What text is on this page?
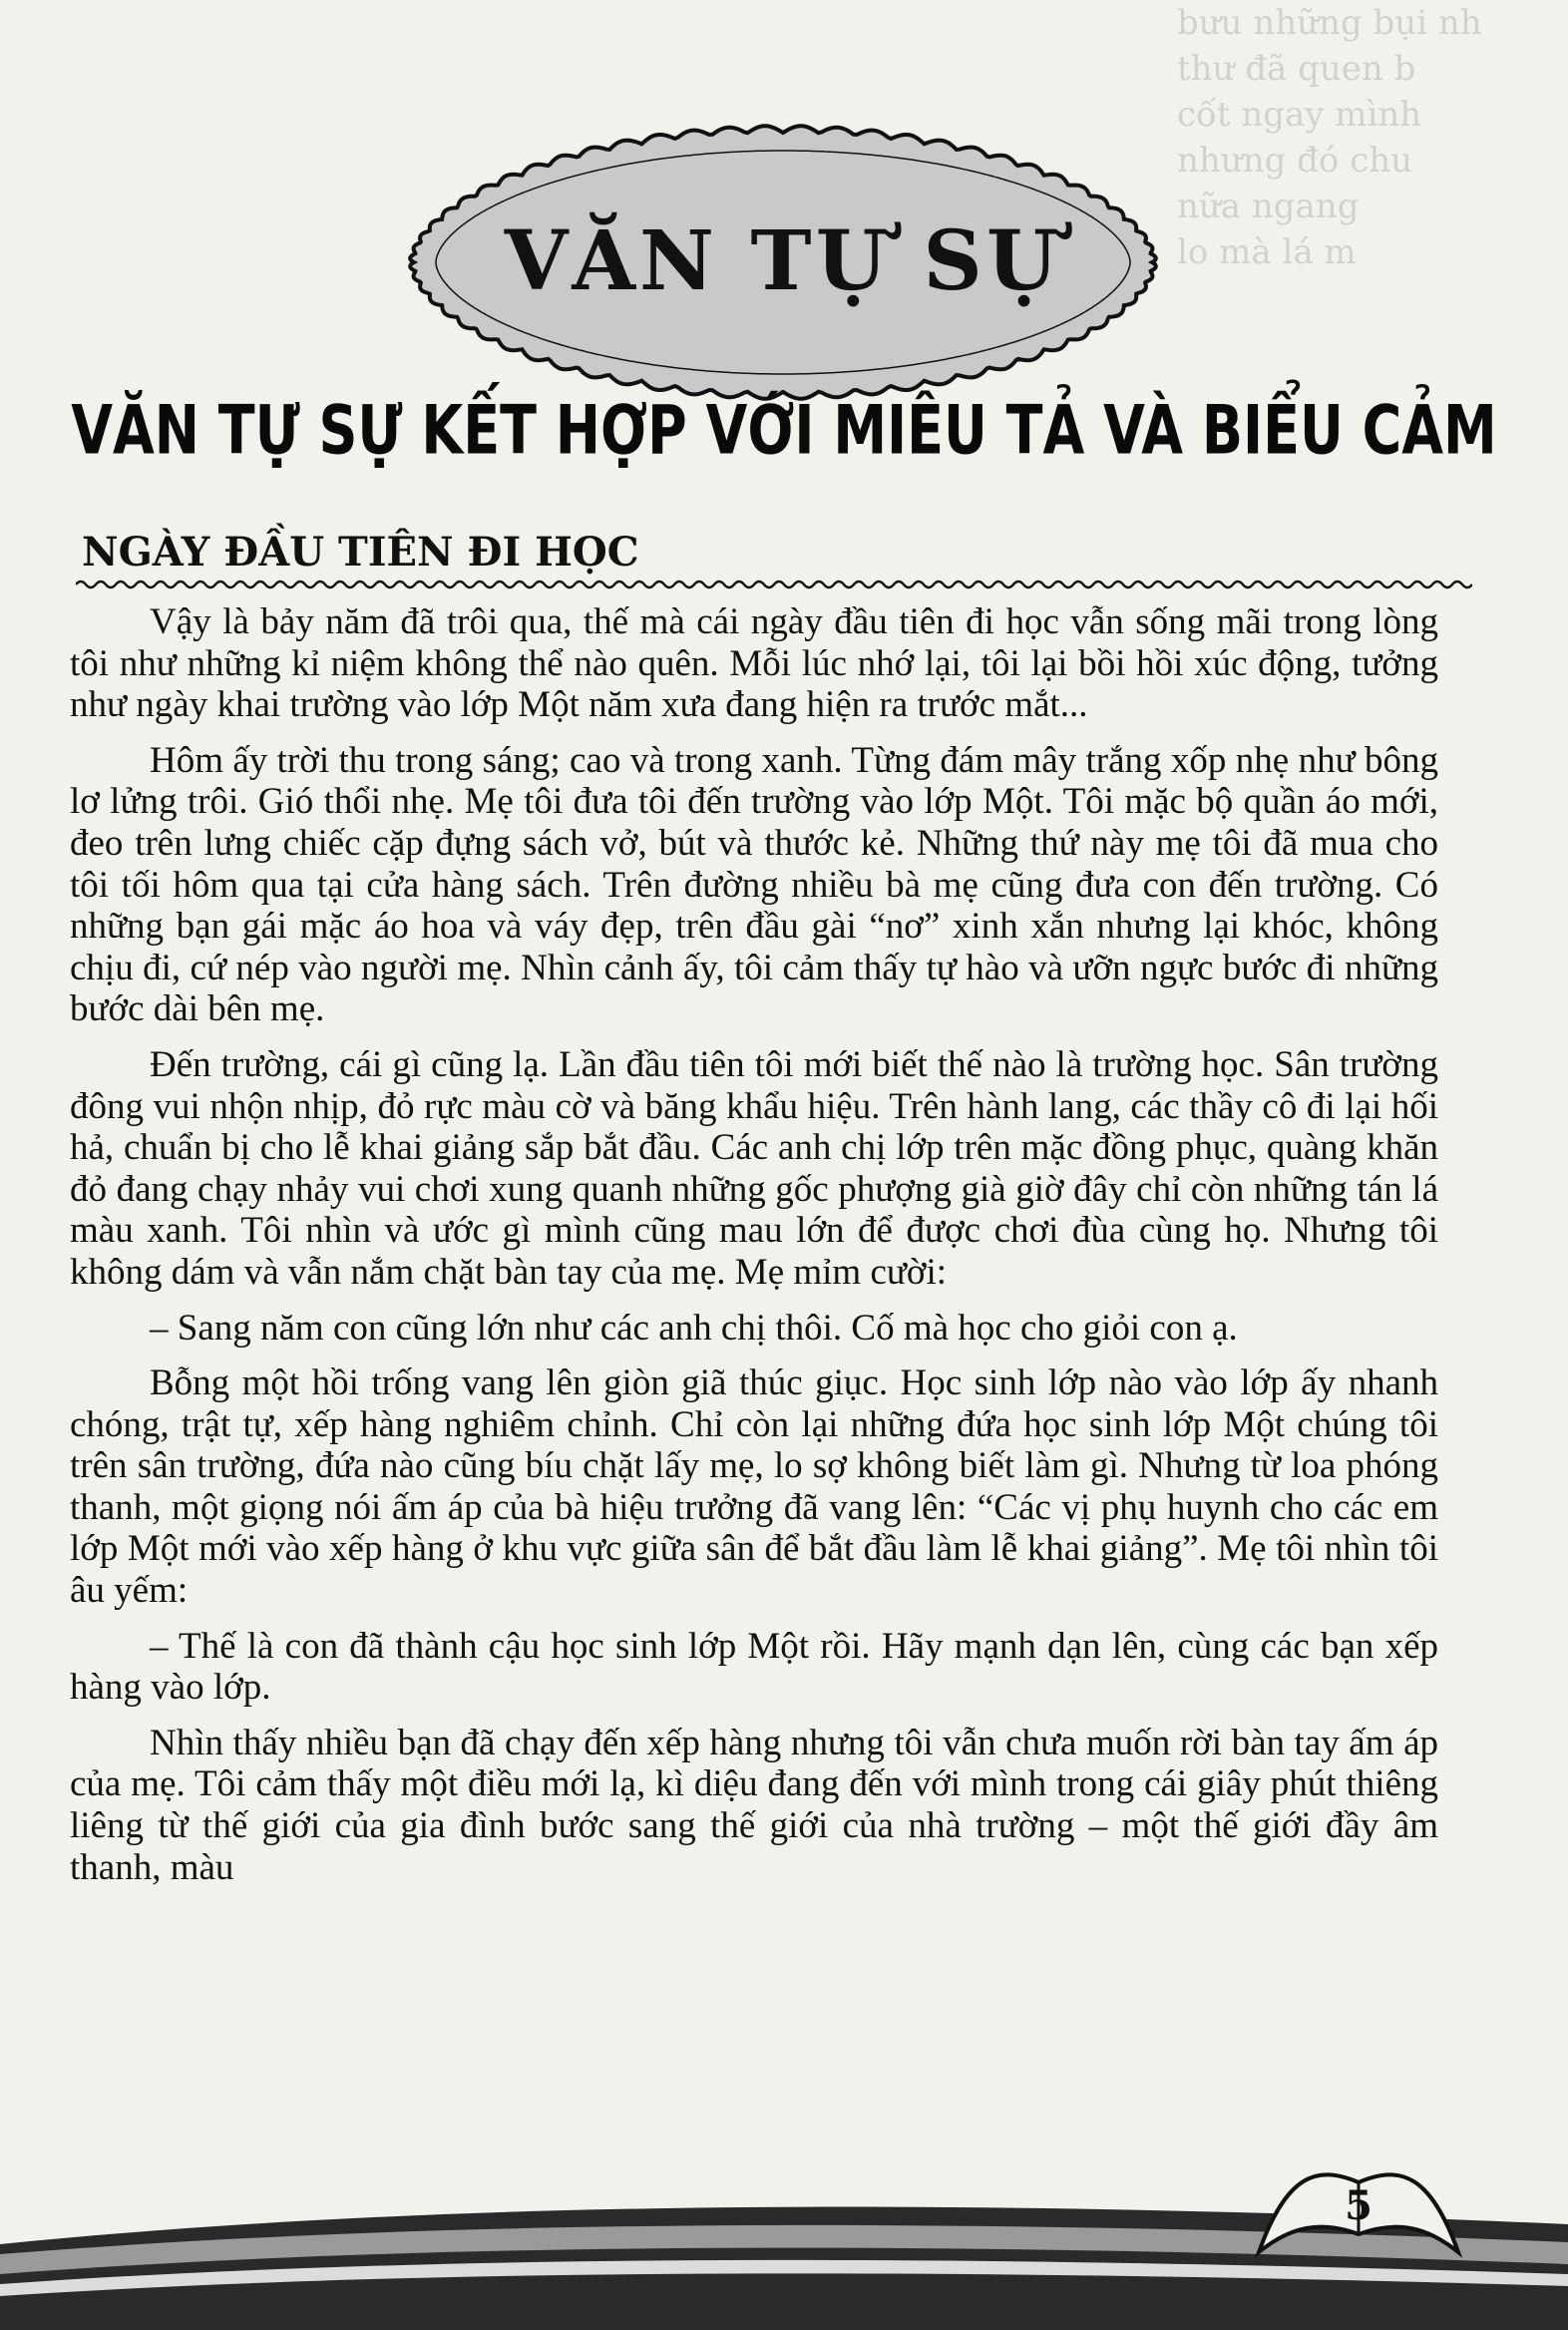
bưu những bụi nh
thư đã quen b
cốt ngay mình
nhưng đó chu
nữa ngang
lo mà lá m
VĂN TỰ SỰ
VĂN TỰ SỰ KẾT HỢP VỚI MIÊU TẢ VÀ BIỂU CẢM
NGÀY ĐẦU TIÊN ĐI HỌC

Vậy là bảy năm đã trôi qua, thế mà cái ngày đầu tiên đi học vẫn sống mãi trong lòng tôi như những kỉ niệm không thể nào quên. Mỗi lúc nhớ lại, tôi lại bồi hồi xúc động, tưởng như ngày khai trường vào lớp Một năm xưa đang hiện ra trước mắt...

Hôm ấy trời thu trong sáng; cao và trong xanh. Từng đám mây trắng xốp nhẹ như bông lơ lửng trôi. Gió thổi nhẹ. Mẹ tôi đưa tôi đến trường vào lớp Một. Tôi mặc bộ quần áo mới, đeo trên lưng chiếc cặp đựng sách vở, bút và thước kẻ. Những thứ này mẹ tôi đã mua cho tôi tối hôm qua tại cửa hàng sách. Trên đường nhiều bà mẹ cũng đưa con đến trường. Có những bạn gái mặc áo hoa và váy đẹp, trên đầu gài “nơ” xinh xắn nhưng lại khóc, không chịu đi, cứ nép vào người mẹ. Nhìn cảnh ấy, tôi cảm thấy tự hào và ưỡn ngực bước đi những bước dài bên mẹ.

Đến trường, cái gì cũng lạ. Lần đầu tiên tôi mới biết thế nào là trường học. Sân trường đông vui nhộn nhịp, đỏ rực màu cờ và băng khẩu hiệu. Trên hành lang, các thầy cô đi lại hối hả, chuẩn bị cho lễ khai giảng sắp bắt đầu. Các anh chị lớp trên mặc đồng phục, quàng khăn đỏ đang chạy nhảy vui chơi xung quanh những gốc phượng già giờ đây chỉ còn những tán lá màu xanh. Tôi nhìn và ước gì mình cũng mau lớn để được chơi đùa cùng họ. Nhưng tôi không dám và vẫn nắm chặt bàn tay của mẹ. Mẹ mỉm cười:

– Sang năm con cũng lớn như các anh chị thôi. Cố mà học cho giỏi con ạ.

Bỗng một hồi trống vang lên giòn giã thúc giục. Học sinh lớp nào vào lớp ấy nhanh chóng, trật tự, xếp hàng nghiêm chỉnh. Chỉ còn lại những đứa học sinh lớp Một chúng tôi trên sân trường, đứa nào cũng bíu chặt lấy mẹ, lo sợ không biết làm gì. Nhưng từ loa phóng thanh, một giọng nói ấm áp của bà hiệu trưởng đã vang lên: “Các vị phụ huynh cho các em lớp Một mới vào xếp hàng ở khu vực giữa sân để bắt đầu làm lễ khai giảng”. Mẹ tôi nhìn tôi âu yếm:

– Thế là con đã thành cậu học sinh lớp Một rồi. Hãy mạnh dạn lên, cùng các bạn xếp hàng vào lớp.

Nhìn thấy nhiều bạn đã chạy đến xếp hàng nhưng tôi vẫn chưa muốn rời bàn tay ấm áp của mẹ. Tôi cảm thấy một điều mới lạ, kì diệu đang đến với mình trong cái giây phút thiêng liêng từ thế giới của gia đình bước sang thế giới của nhà trường – một thế giới đầy âm thanh, màu

5
